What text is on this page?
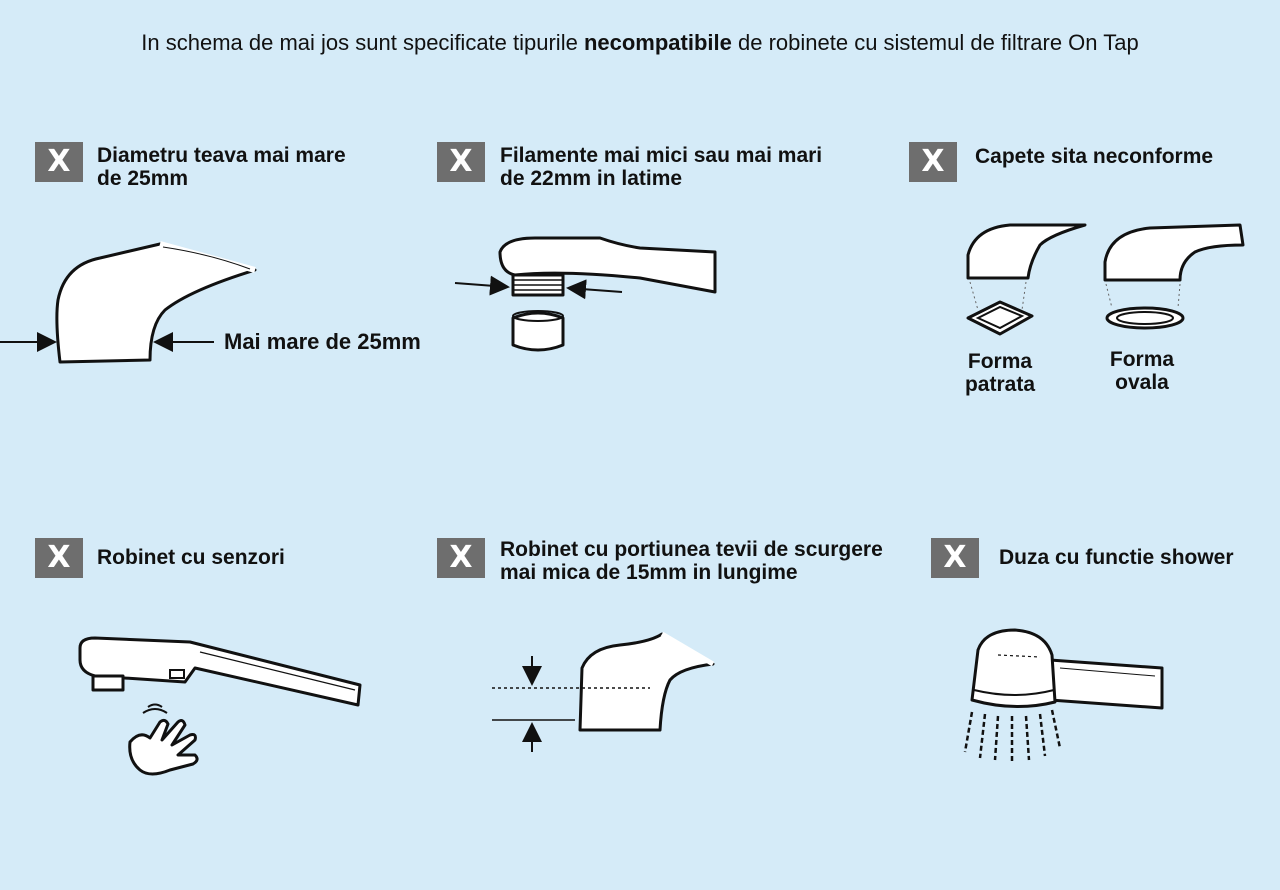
In schema de mai jos sunt specificate tipurile necompatibile de robinete cu sistemul de filtrare On Tap
X	X	X
X	X	X
Diametru teava mai mare
de 25mm
Filamente mai mici sau mai mari
de 22mm in latime
Capete sita neconforme
Robinet cu senzori	Robinet cu portiunea tevii de scurgere
mai mica de 15mm in lungime
Duza cu functie shower
Mai mare de 25mm
Forma
patrata
Forma
ovala
